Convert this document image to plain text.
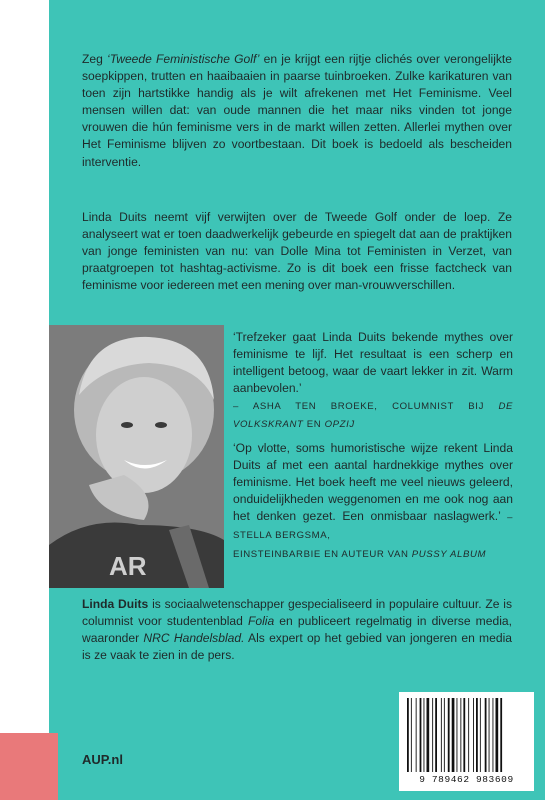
Zeg ‘Tweede Feministische Golf’ en je krijgt een rijtje clichés over verongelijkte soepkippen, trutten en haaibaaien in paarse tuinbroeken. Zulke karikaturen van toen zijn hartstikke handig als je wilt afrekenen met Het Feminisme. Veel mensen willen dat: van oude mannen die het maar niks vinden tot jonge vrouwen die hún feminisme vers in de markt willen zetten. Allerlei mythen over Het Feminisme blijven zo voortbestaan. Dit boek is bedoeld als bescheiden interventie.

Linda Duits neemt vijf verwijten over de Tweede Golf onder de loep. Ze analyseert wat er toen daadwerkelijk gebeurde en spiegelt dat aan de praktijken van jonge feministen van nu: van Dolle Mina tot Feministen in Verzet, van praatgroepen tot hashtag-activisme. Zo is dit boek een frisse factcheck van feminisme voor iedereen met een mening over man-vrouwverschillen.

AR

‘Trefzeker gaat Linda Duits bekende mythes over feminisme te lijf. Het resultaat is een scherp en intelligent betoog, waar de vaart lekker in zit. Warm aanbevolen.’
– ASHA TEN BROEKE, COLUMNIST BIJ DE VOLKSKRANT EN OPZIJ

‘Op vlotte, soms humoristische wijze rekent Linda Duits af met een aantal hardnekkige mythes over feminisme. Het boek heeft me veel nieuws geleerd, onduidelijkheden weggenomen en me ook nog aan het denken gezet. Een onmisbaar naslagwerk.’ – STELLA BERGSMA,
EINSTEINBARBIE EN AUTEUR VAN PUSSY ALBUM

Linda Duits is sociaalwetenschapper gespecialiseerd in populaire cultuur. Ze is columnist voor studentenblad Folia en publiceert regelmatig in diverse media, waaronder NRC Handelsblad. Als expert op het gebied van jongeren en media is ze vaak te zien in de pers.

AUP.nl
9 789462 983609
